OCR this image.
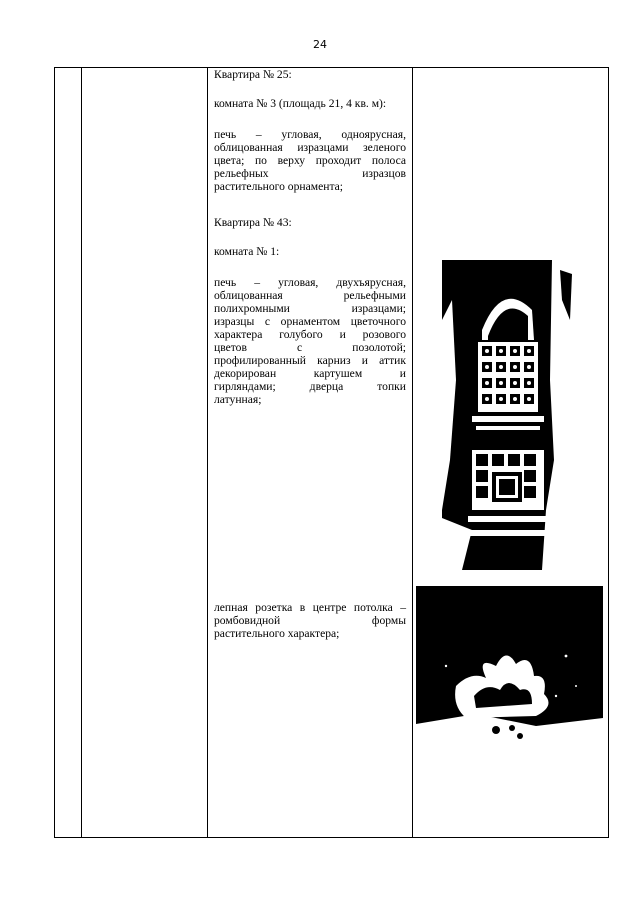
24
Квартира № 25:
комната № 3 (площадь 21, 4 кв. м):

печь – угловая, одноярусная,

облицованная изразцами зеленого

цвета; по верху проходит полоса

рельефных изразцов

растительного орнамента;

Квартира № 43:
комната № 1:

печь – угловая, двухъярусная,

облицованная рельефными

полихромными изразцами;

изразцы с орнаментом цветочного

характера голубого и розового

цветов с позолотой;

профилированный карниз и аттик

декорирован картушем и

гирляндами; дверца топки

латунная;

лепная розетка в центре потолка –

ромбовидной формы

растительного характера;
